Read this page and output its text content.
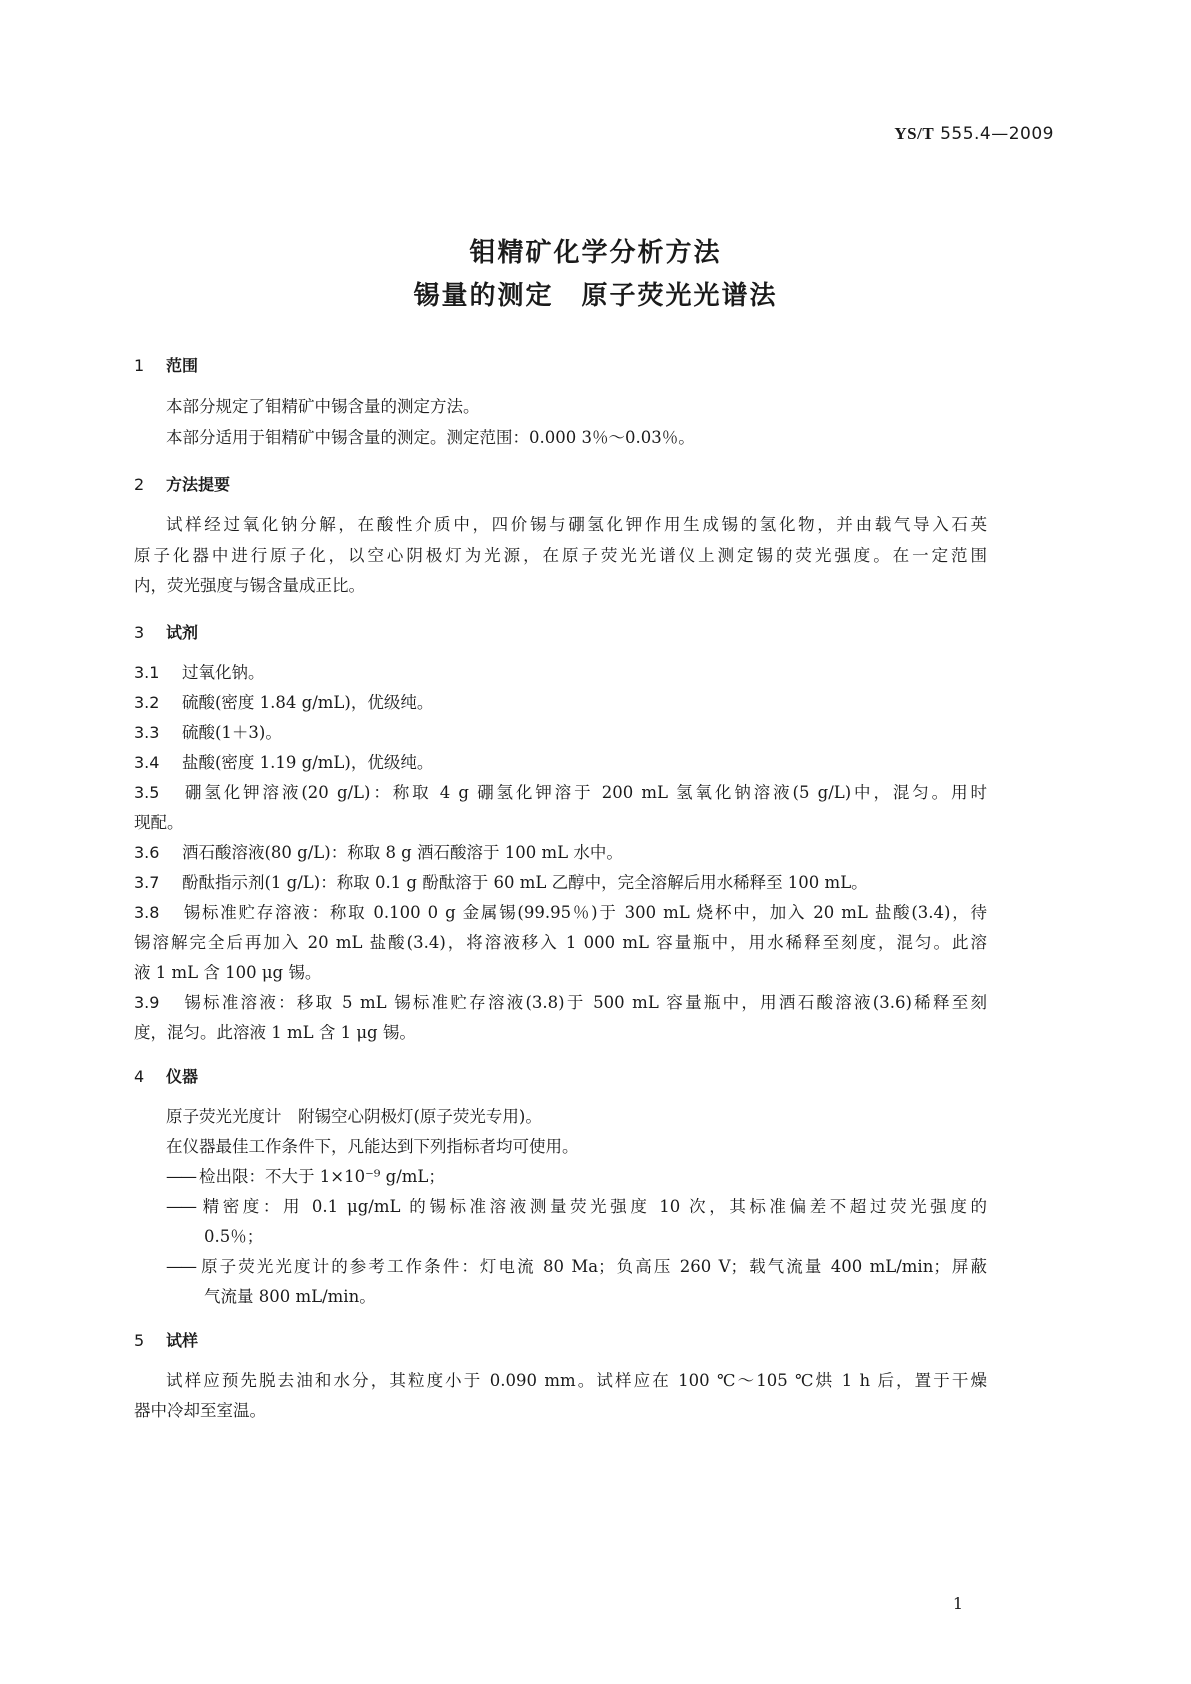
YS/T 555.4—2009
钼精矿化学分析方法
锡量的测定　原子荧光光谱法
1 范围
本部分规定了钼精矿中锡含量的测定方法。
本部分适用于钼精矿中锡含量的测定。测定范围：0.000 3％～0.03％。
2 方法提要
试样经过氧化钠分解，在酸性介质中，四价锡与硼氢化钾作用生成锡的氢化物，并由载气导入石英
原子化器中进行原子化，以空心阴极灯为光源，在原子荧光光谱仪上测定锡的荧光强度。在一定范围
内，荧光强度与锡含量成正比。
3 试剂
3.1 过氧化钠。
3.2 硫酸(密度 1.84 g/mL)，优级纯。
3.3 硫酸(1＋3)。
3.4 盐酸(密度 1.19 g/mL)，优级纯。
3.5 硼氢化钾溶液(20 g/L)：称取 4 g 硼氢化钾溶于 200 mL 氢氧化钠溶液(5 g/L)中，混匀。用时
现配。
3.6 酒石酸溶液(80 g/L)：称取 8 g 酒石酸溶于 100 mL 水中。
3.7 酚酞指示剂(1 g/L)：称取 0.1 g 酚酞溶于 60 mL 乙醇中，完全溶解后用水稀释至 100 mL。
3.8 锡标准贮存溶液：称取 0.100 0 g 金属锡(99.95％)于 300 mL 烧杯中，加入 20 mL 盐酸(3.4)，待
锡溶解完全后再加入 20 mL 盐酸(3.4)，将溶液移入 1 000 mL 容量瓶中，用水稀释至刻度，混匀。此溶
液 1 mL 含 100 μg 锡。
3.9 锡标准溶液：移取 5 mL 锡标准贮存溶液(3.8)于 500 mL 容量瓶中，用酒石酸溶液(3.6)稀释至刻
度，混匀。此溶液 1 mL 含 1 μg 锡。
4 仪器
原子荧光光度计　附锡空心阴极灯(原子荧光专用)。
在仪器最佳工作条件下，凡能达到下列指标者均可使用。
—— 检出限：不大于 1×10⁻⁹ g/mL；
—— 精密度：用 0.1 μg/mL 的锡标准溶液测量荧光强度 10 次，其标准偏差不超过荧光强度的
0.5％；
—— 原子荧光光度计的参考工作条件：灯电流 80 Ma；负高压 260 V；载气流量 400 mL/min；屏蔽
气流量 800 mL/min。
5 试样
试样应预先脱去油和水分，其粒度小于 0.090 mm。试样应在 100 ℃～105 ℃烘 1 h 后，置于干燥
器中冷却至室温。
1
